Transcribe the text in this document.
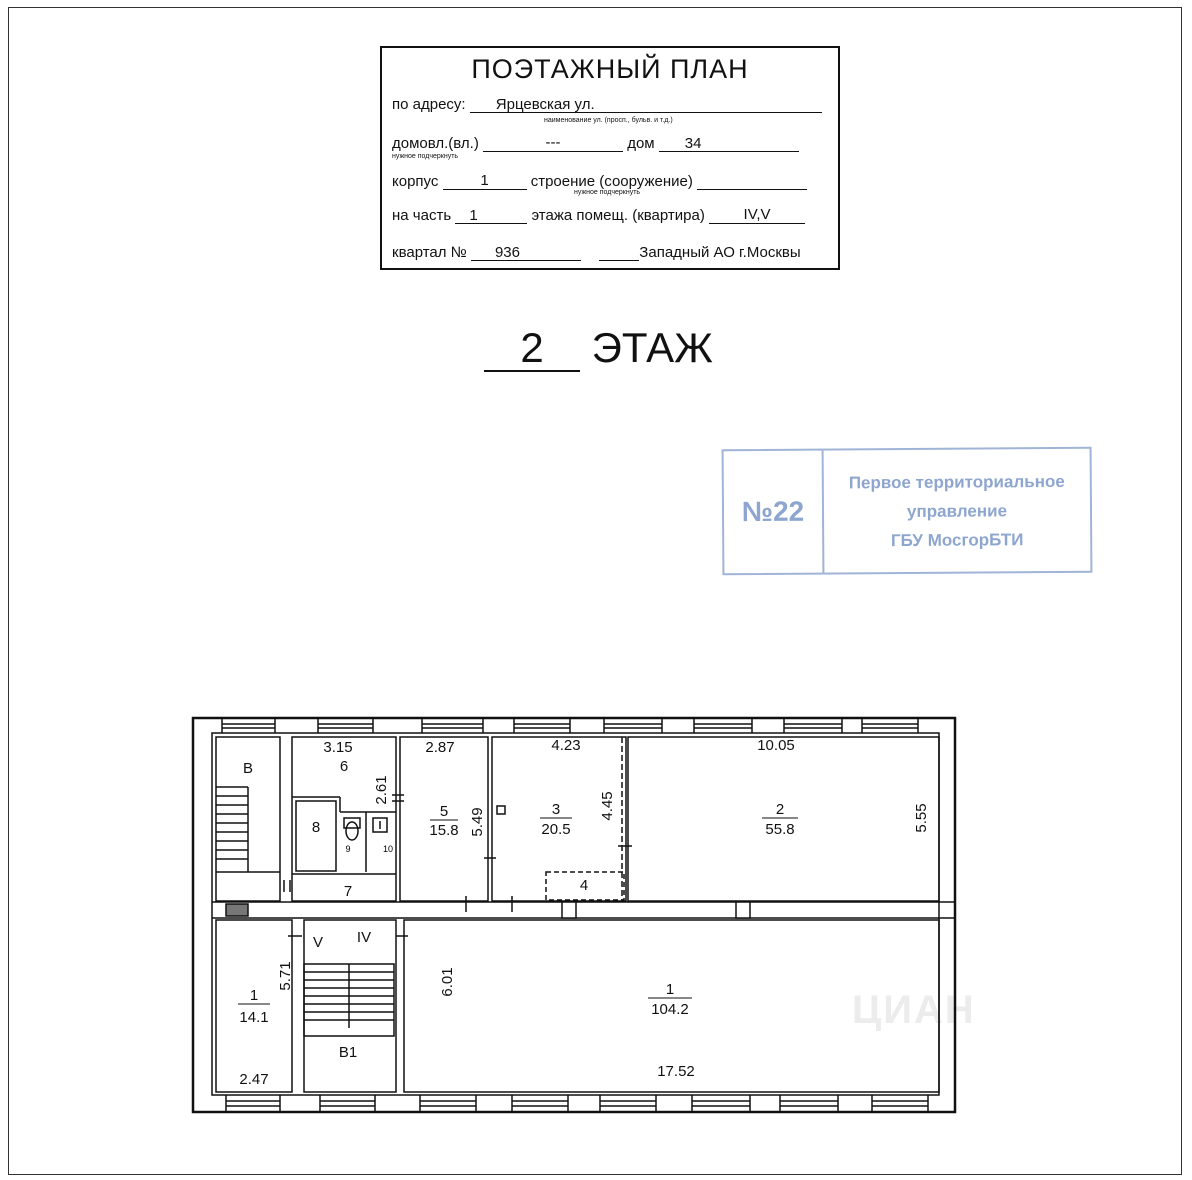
ПОЭТАЖНЫЙ ПЛАН
по адресу: Ярцевская ул.
наименование ул. (просп., бульв. и т.д.)
домовл.(вл.)	---	дом 34
нужное подчеркнуть
корпус	1	строение (сооружение)
нужное подчеркнуть
на часть 1	этажа помещ. (квартира)	IV,V
квартал № 936	Западный АО г.Москвы
2 ЭТАЖ
№22
Первое территориальное
управление
ГБУ МосгорБТИ
ЦИАН
В
В1
V IV
3.15
6
2.87	4.23	10.05
2.61
5.49
4.45	5.55
5.71	6.01
8
7
9	10
5
15.8
3
20.5
4
2
55.8
1
14.1
2.47
1
104.2
17.52
